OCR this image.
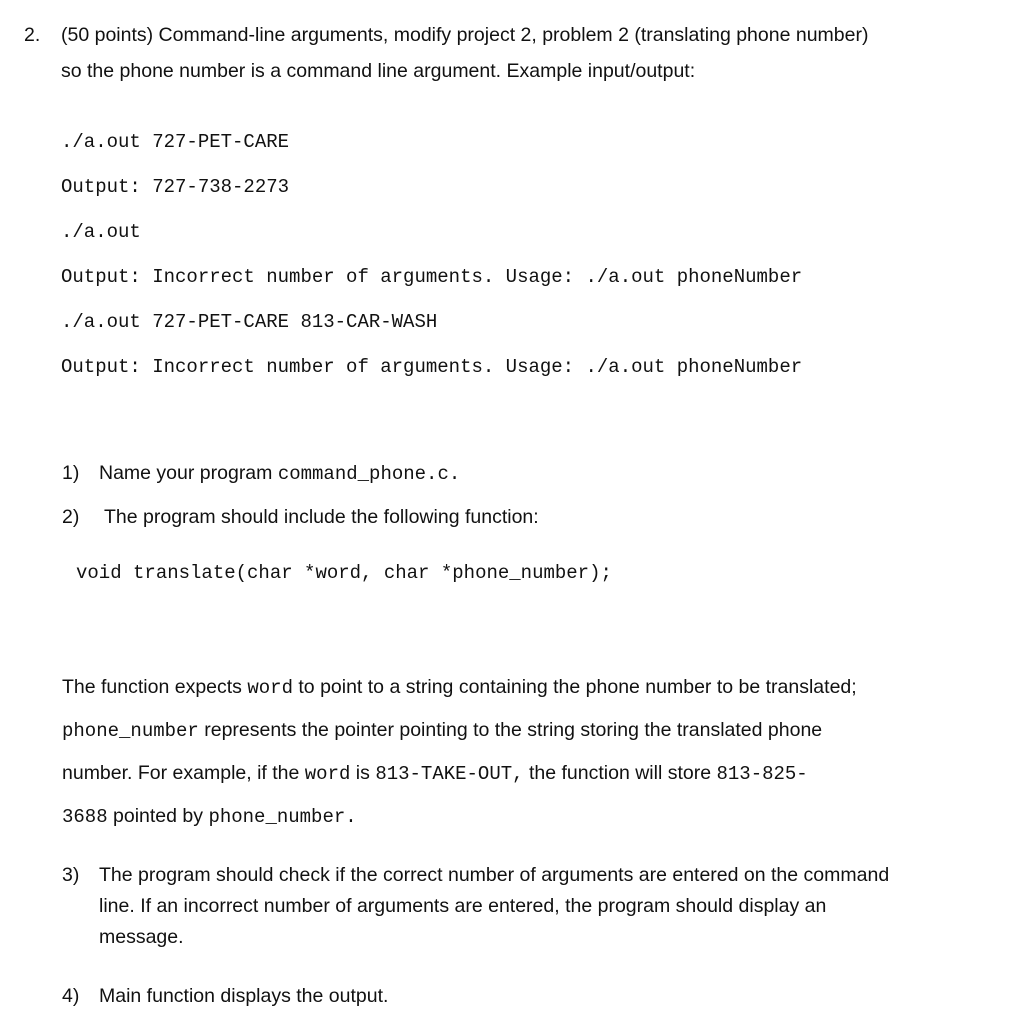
2. (50 points) Command-line arguments, modify project 2, problem 2 (translating phone number)
so the phone number is a command line argument. Example input/output:
./a.out 727-PET-CARE
Output: 727-738-2273
./a.out
Output: Incorrect number of arguments. Usage: ./a.out phoneNumber
./a.out 727-PET-CARE 813-CAR-WASH
Output: Incorrect number of arguments. Usage: ./a.out phoneNumber
1) Name your program command_phone.c.
2) The program should include the following function:
void translate(char *word, char *phone_number);
The function expects word to point to a string containing the phone number to be translated;
phone_number represents the pointer pointing to the string storing the translated phone
number. For example, if the word is 813-TAKE-OUT, the function will store 813-825-
3688 pointed by phone_number.
3) The program should check if the correct number of arguments are entered on the command
line. If an incorrect number of arguments are entered, the program should display an
message.
4) Main function displays the output.
